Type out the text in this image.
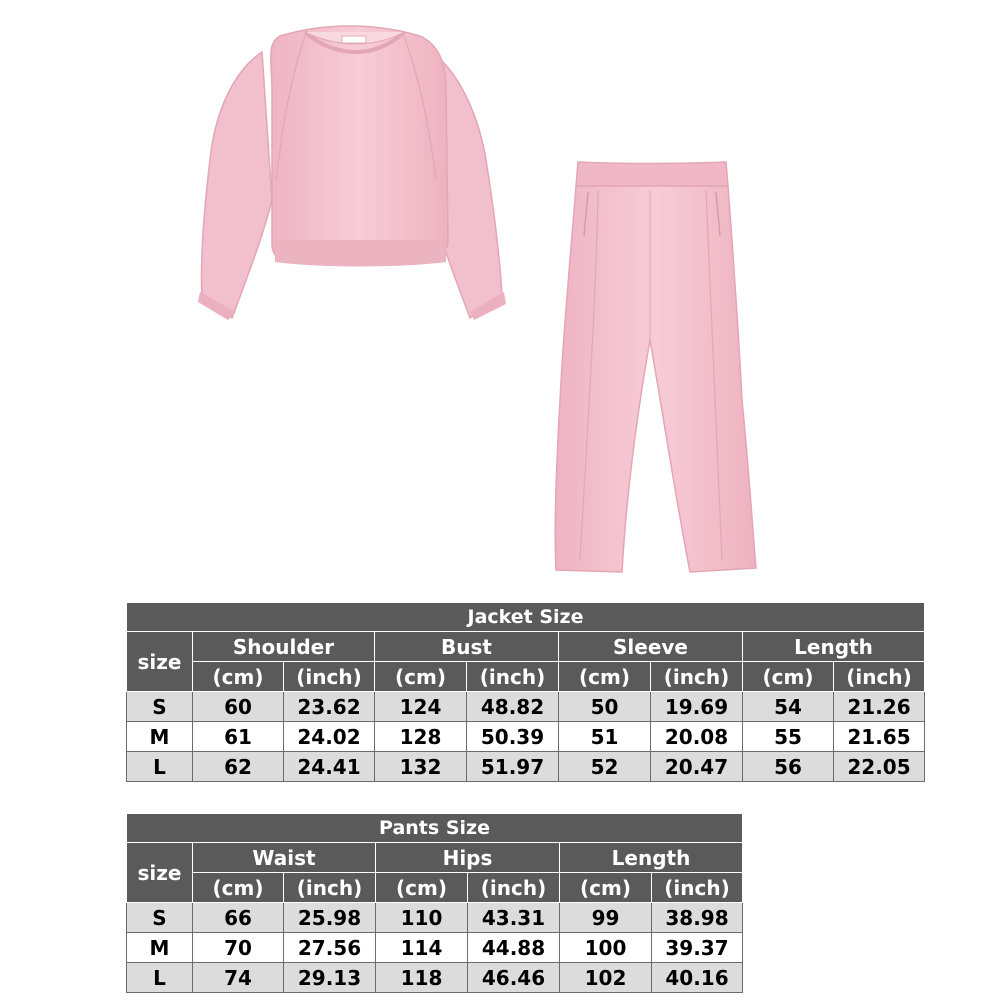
Jacket Size								
size	Shoulder		Bust		Sleeve		Length	
	(cm)	(inch)	(cm)	(inch)	(cm)	(inch)	(cm)	(inch)
S	60	23.62	124	48.82	50	19.69	54	21.26
M	61	24.02	128	50.39	51	20.08	55	21.65
L	62	24.41	132	51.97	52	20.47	56	22.05
Pants Size						
size	Waist		Hips		Length	
	(cm)	(inch)	(cm)	(inch)	(cm)	(inch)
S	66	25.98	110	43.31	99	38.98
M	70	27.56	114	44.88	100	39.37
L	74	29.13	118	46.46	102	40.16
